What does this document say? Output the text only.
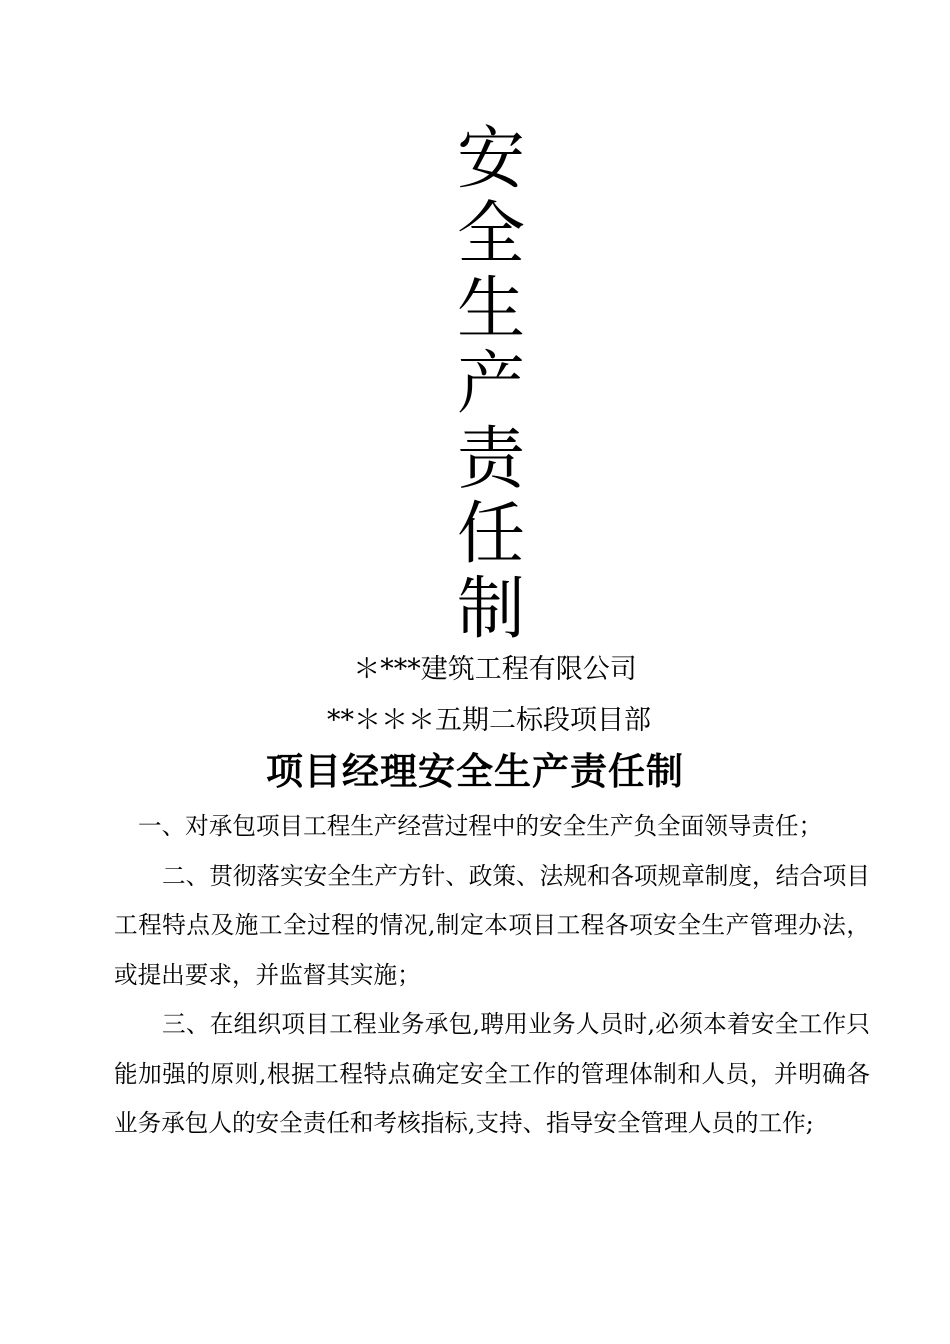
安
全
生
产
责
任
制
＊***建筑工程有限公司
**＊＊＊五期二标段项目部
项目经理安全生产责任制

一、对承包项目工程生产经营过程中的安全生产负全面领导责任；

二、贯彻落实安全生产方针、政策、法规和各项规章制度，结合项目工程特点及施工全过程的情况,制定本项目工程各项安全生产管理办法，或提出要求，并监督其实施；

三、在组织项目工程业务承包,聘用业务人员时,必须本着安全工作只能加强的原则,根据工程特点确定安全工作的管理体制和人员，并明确各业务承包人的安全责任和考核指标,支持、指导安全管理人员的工作;
